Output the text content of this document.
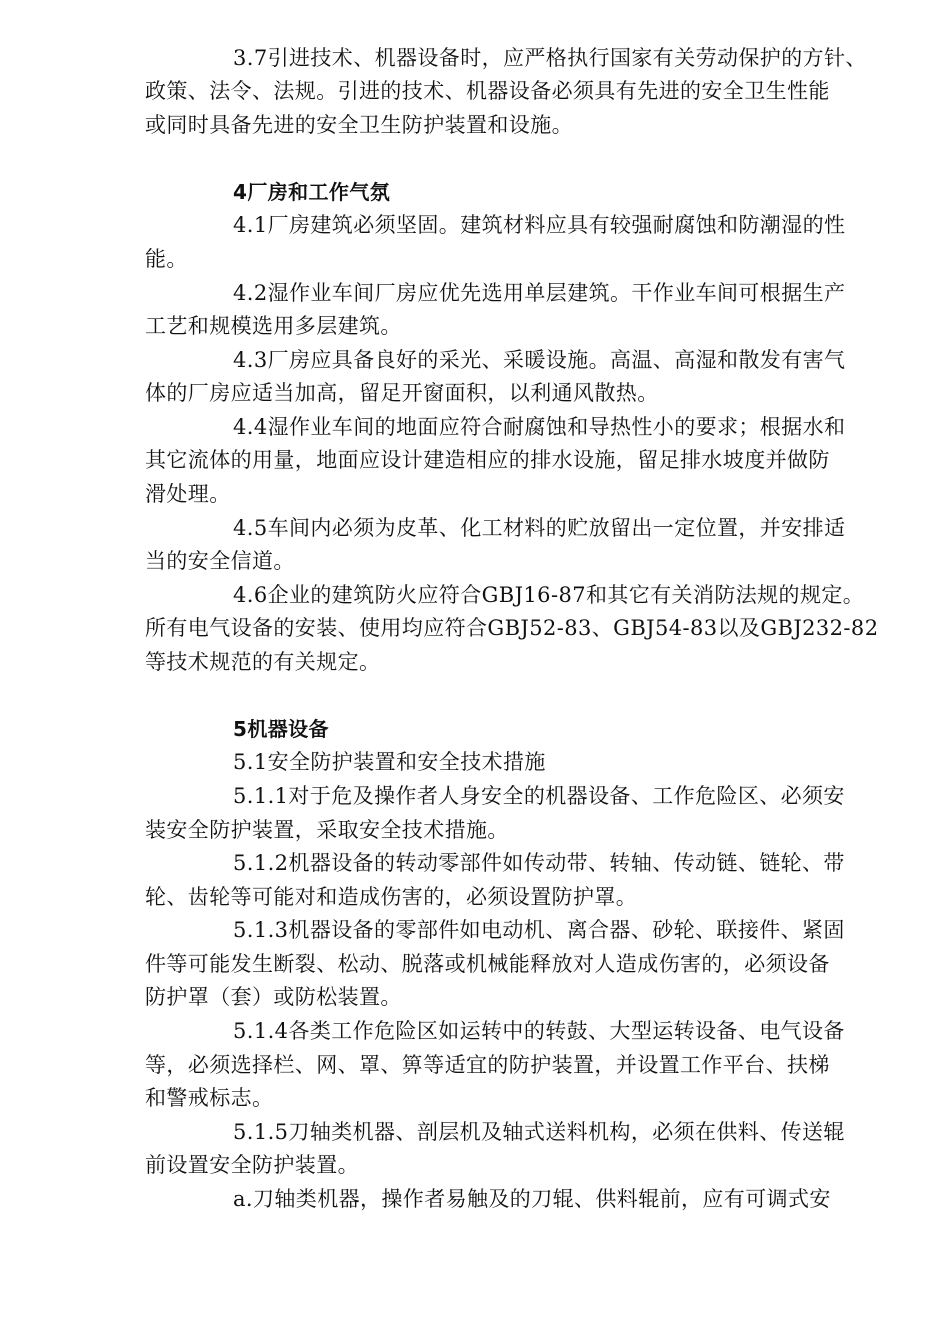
3.7引进技术、机器设备时，应严格执行国家有关劳动保护的方针、
政策、法令、法规。引进的技术、机器设备必须具有先进的安全卫生性能
或同时具备先进的安全卫生防护装置和设施。
4厂房和工作气氛
4.1厂房建筑必须坚固。建筑材料应具有较强耐腐蚀和防潮湿的性
能。
4.2湿作业车间厂房应优先选用单层建筑。干作业车间可根据生产
工艺和规模选用多层建筑。
4.3厂房应具备良好的采光、采暖设施。高温、高湿和散发有害气
体的厂房应适当加高，留足开窗面积，以利通风散热。
4.4湿作业车间的地面应符合耐腐蚀和导热性小的要求；根据水和
其它流体的用量，地面应设计建造相应的排水设施，留足排水坡度并做防
滑处理。
4.5车间内必须为皮革、化工材料的贮放留出一定位置，并安排适
当的安全信道。
4.6企业的建筑防火应符合GBJ16-87和其它有关消防法规的规定。
所有电气设备的安装、使用均应符合GBJ52-83、GBJ54-83以及GBJ232-82
等技术规范的有关规定。
5机器设备
5.1安全防护装置和安全技术措施
5.1.1对于危及操作者人身安全的机器设备、工作危险区、必须安
装安全防护装置，采取安全技术措施。
5.1.2机器设备的转动零部件如传动带、转轴、传动链、链轮、带
轮、齿轮等可能对和造成伤害的，必须设置防护罩。
5.1.3机器设备的零部件如电动机、离合器、砂轮、联接件、紧固
件等可能发生断裂、松动、脱落或机械能释放对人造成伤害的，必须设备
防护罩（套）或防松装置。
5.1.4各类工作危险区如运转中的转鼓、大型运转设备、电气设备
等，必须选择栏、网、罩、箅等适宜的防护装置，并设置工作平台、扶梯
和警戒标志。
5.1.5刀轴类机器、剖层机及轴式送料机构，必须在供料、传送辊
前设置安全防护装置。
a.刀轴类机器，操作者易触及的刀辊、供料辊前，应有可调式安
